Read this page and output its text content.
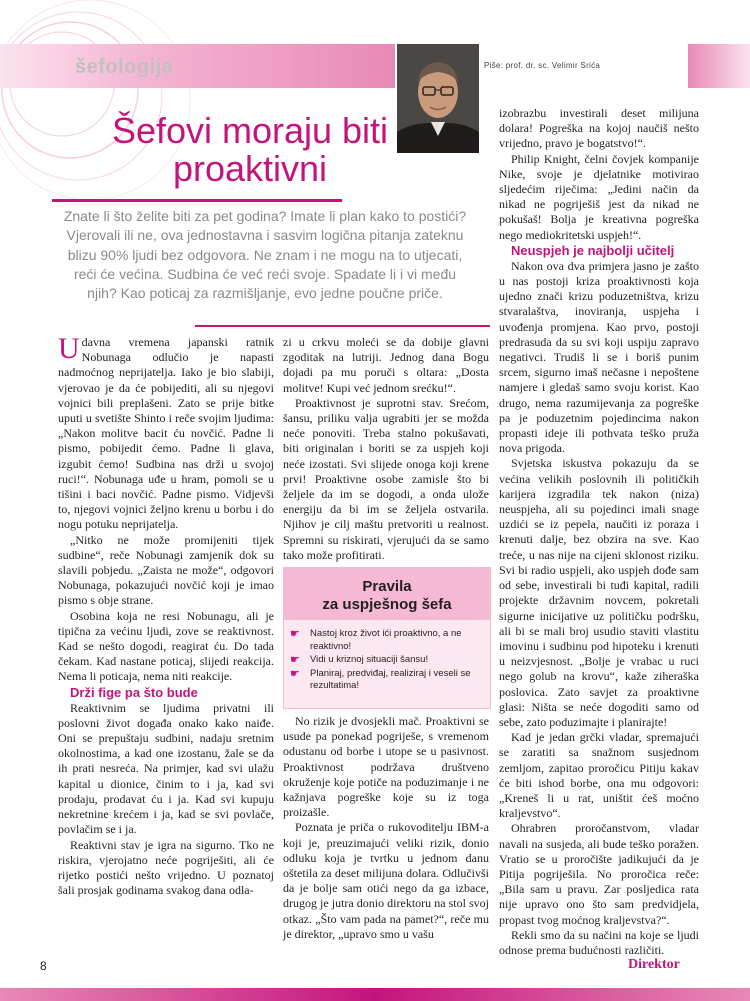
šefologija	Piše: prof. dr. sc. Velimir Srića
Šefovi moraju biti proaktivni

Znate li što želite biti za pet godina? Imate li plan kako to postići? Vjerovali ili ne, ova jednostavna i sasvim logična pitanja zateknu blizu 90% ljudi bez odgovora. Ne znam i ne mogu na to utjecati, reći će većina. Sudbina će već reći svoje. Spadate li i vi među njih? Kao poticaj za razmišljanje, evo jedne poučne priče.

Udavna vremena japanski ratnik Nobunaga odlučio je napasti nadmoćnog neprijatelja. Iako je bio slabiji, vjerovao je da će pobijediti, ali su njegovi vojnici bili preplašeni. Zato se prije bitke uputi u svetište Shinto i reče svojim ljudima: „Nakon molitve bacit ću novčić. Padne li pismo, pobijedit ćemo. Padne li glava, izgubit ćemo! Sudbina nas drži u svojoj ruci!“. Nobunaga uđe u hram, pomoli se u tišini i baci novčić. Padne pismo. Vidjevši to, njegovi vojnici željno krenu u borbu i do nogu potuku neprijatelja.

„Nitko ne može promijeniti tijek sudbine“, reče Nobunagi zamjenik dok su slavili pobjedu. „Zaista ne može“, odgovori Nobunaga, pokazujući novčić koji je imao pismo s obje strane.

Osobina koja ne resi Nobunagu, ali je tipična za većinu ljudi, zove se reaktivnost. Kad se nešto dogodi, reagirat ću. Do tada čekam. Kad nastane poticaj, slijedi reakcija. Nema li poticaja, nema niti reakcije.

Drži fige pa što bude

Reaktivnim se ljudima privatni ili poslovni život događa onako kako naiđe. Oni se prepuštaju sudbini, nadaju sretnim okolnostima, a kad one izostanu, žale se da ih prati nesreća. Na primjer, kad svi ulažu kapital u dionice, činim to i ja, kad svi prodaju, prodavat ću i ja. Kad svi kupuju nekretnine krećem i ja, kad se svi povlače, povlačim se i ja.

Reaktivni stav je igra na sigurno. Tko ne riskira, vjerojatno neće pogriješiti, ali će rijetko postići nešto vrijedno. U poznatoj šali prosjak godinama svakog dana odla-

zi u crkvu moleći se da dobije glavni zgoditak na lutriji. Jednog dana Bogu dojadi pa mu poruči s oltara: „Dosta molitve! Kupi već jednom srećku!“.

Proaktivnost je suprotni stav. Srećom, šansu, priliku valja ugrabiti jer se možda neće ponoviti. Treba stalno pokušavati, biti originalan i boriti se za uspjeh koji neće izostati. Svi slijede onoga koji krene prvi! Proaktivne osobe zamisle što bi željele da im se dogodi, a onda ulože energiju da bi im se željela ostvarila. Njihov je cilj maštu pretvoriti u realnost. Spremni su riskirati, vjerujući da se samo tako može profitirati.

Pravila
za uspješnog šefa

☛ Nastoj kroz život ići proaktivno, a ne reaktivno!
☛ Vidi u kriznoj situaciji šansu!
☛ Planiraj, predviđaj, realiziraj i veseli se rezultatima!

No rizik je dvosjekli mač. Proaktivni se usude pa ponekad pogriješe, s vremenom odustanu od borbe i utope se u pasivnost. Proaktivnost podržava društveno okruženje koje potiče na poduzimanje i ne kažnjava pogreške koje su iz toga proizašle.

Poznata je priča o rukovoditelju IBM-a koji je, preuzimajući veliki rizik, donio odluku koja je tvrtku u jednom danu oštetila za deset milijuna dolara. Odlučivši da je bolje sam otići nego da ga izbace, drugog je jutra donio direktoru na stol svoj otkaz. „Što vam pada na pamet?“, reče mu je direktor, „upravo smo u vašu

izobrazbu investirali deset milijuna dolara! Pogreška na kojoj naučiš nešto vrijedno, pravo je bogatstvo!“.

Philip Knight, čelni čovjek kompanije Nike, svoje je djelatnike motivirao sljedećim riječima: „Jedini način da nikad ne pogriješiš jest da nikad ne pokušaš! Bolja je kreativna pogreška nego mediokritetski uspjeh!“.

Neuspjeh je najbolji učitelj

Nakon ova dva primjera jasno je zašto u nas postoji kriza proaktivnosti koja ujedno znači krizu poduzetništva, krizu stvaralaštva, inoviranja, uspjeha i uvođenja promjena. Kao prvo, postoji predrasuda da su svi koji uspiju zapravo negativci. Trudiš li se i boriš punim srcem, sigurno imaš nečasne i nepoštene namjere i gledaš samo svoju korist. Kao drugo, nema razumijevanja za pogreške pa je poduzetnim pojedincima nakon propasti ideje ili pothvata teško pruža nova prigoda.

Svjetska iskustva pokazuju da se većina velikih poslovnih ili političkih karijera izgradila tek nakon (niza) neuspjeha, ali su pojedinci imali snage uzdići se iz pepela, naučiti iz poraza i krenuti dalje, bez obzira na sve. Kao treće, u nas nije na cijeni sklonost riziku. Svi bi radio uspjeli, ako uspjeh dođe sam od sebe, investirali bi tuđi kapital, radili projekte državnim novcem, pokretali sigurne inicijative uz političku podršku, ali bi se mali broj usudio staviti vlastitu imovinu i sudbinu pod hipoteku i krenuti u neizvjesnost. „Bolje je vrabac u ruci nego golub na krovu“, kaže ziheraška poslovica. Zato savjet za proaktivne glasi: Ništa se neće dogoditi samo od sebe, zato poduzimajte i planirajte!

Kad je jedan grčki vladar, spremajući se zaratiti sa snažnom susjednom zemljom, zapitao proročicu Pitiju kakav će biti ishod borbe, ona mu odgovori: „Kreneš li u rat, uništit ćeš moćno kraljevstvo“.

Ohrabren proročanstvom, vladar navali na susjeda, ali bude teško poražen. Vratio se u proročište jadikujući da je Pitija pogriješila. No proročica reče: „Bila sam u pravu. Zar posljedica rata nije upravo ono što sam predvidjela, propast tvog moćnog kraljevstva?“.

Rekli smo da su načini na koje se ljudi odnose prema budućnosti različiti.

8	Direktor
